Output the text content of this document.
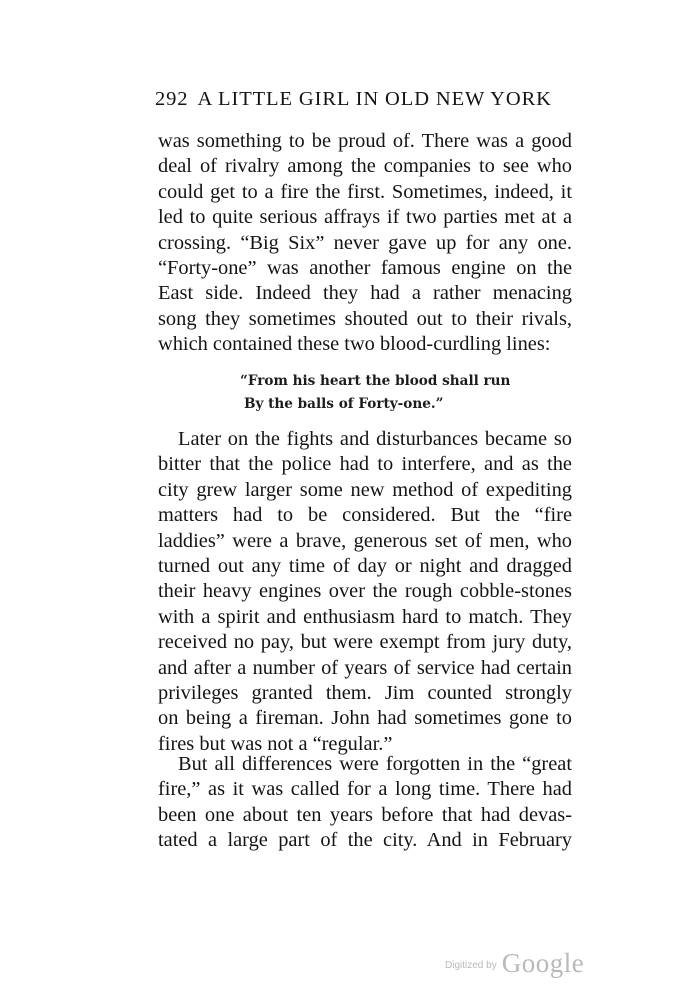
292 A LITTLE GIRL IN OLD NEW YORK
was something to be proud of. There was a good
deal of rivalry among the companies to see who
could get to a fire the first. Sometimes, indeed, it
led to quite serious affrays if two parties met at a
crossing. “Big Six” never gave up for any one.
“Forty-one” was another famous engine on the
East side. Indeed they had a rather menacing
song they sometimes shouted out to their rivals,
which contained these two blood-curdling lines:
“From his heart the blood shall run
By the balls of Forty-one.”
Later on the fights and disturbances became so
bitter that the police had to interfere, and as the
city grew larger some new method of expediting
matters had to be considered. But the “fire
laddies” were a brave, generous set of men, who
turned out any time of day or night and dragged
their heavy engines over the rough cobble-stones
with a spirit and enthusiasm hard to match. They
received no pay, but were exempt from jury duty,
and after a number of years of service had certain
privileges granted them. Jim counted strongly
on being a fireman. John had sometimes gone to
fires but was not a “regular.”
But all differences were forgotten in the “great
fire,” as it was called for a long time. There had
been one about ten years before that had devas-
tated a large part of the city. And in February
$^{Digitized by}$ Google
